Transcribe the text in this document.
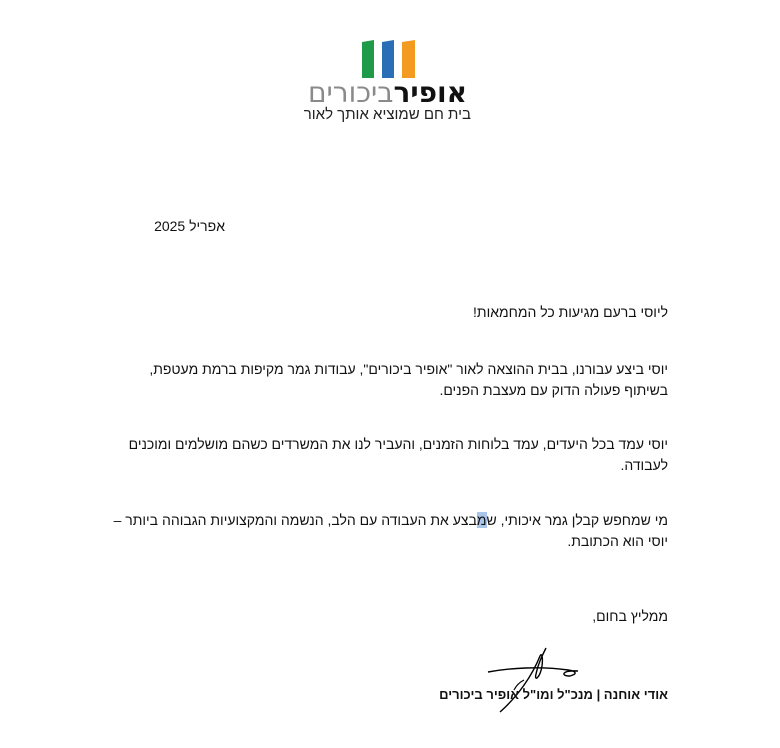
אופירביכורים
בית חם שמוציא אותך לאור
אפריל 2025
ליוסי ברעם מגיעות כל המחמאות!
יוסי ביצע עבורנו, בבית ההוצאה לאור "אופיר ביכורים", עבודות גמר מקיפות ברמת מעטפת, בשיתוף פעולה הדוק עם מעצבת הפנים.
יוסי עמד בכל היעדים, עמד בלוחות הזמנים, והעביר לנו את המשרדים כשהם מושלמים ומוכנים לעבודה.
מי שמחפש קבלן גמר איכותי, שמבצע את העבודה עם הלב, הנשמה והמקצועיות הגבוהה ביותר – יוסי הוא הכתובת.
ממליץ בחום,
אודי אוחנה | מנכ"ל ומו"ל אופיר ביכורים
